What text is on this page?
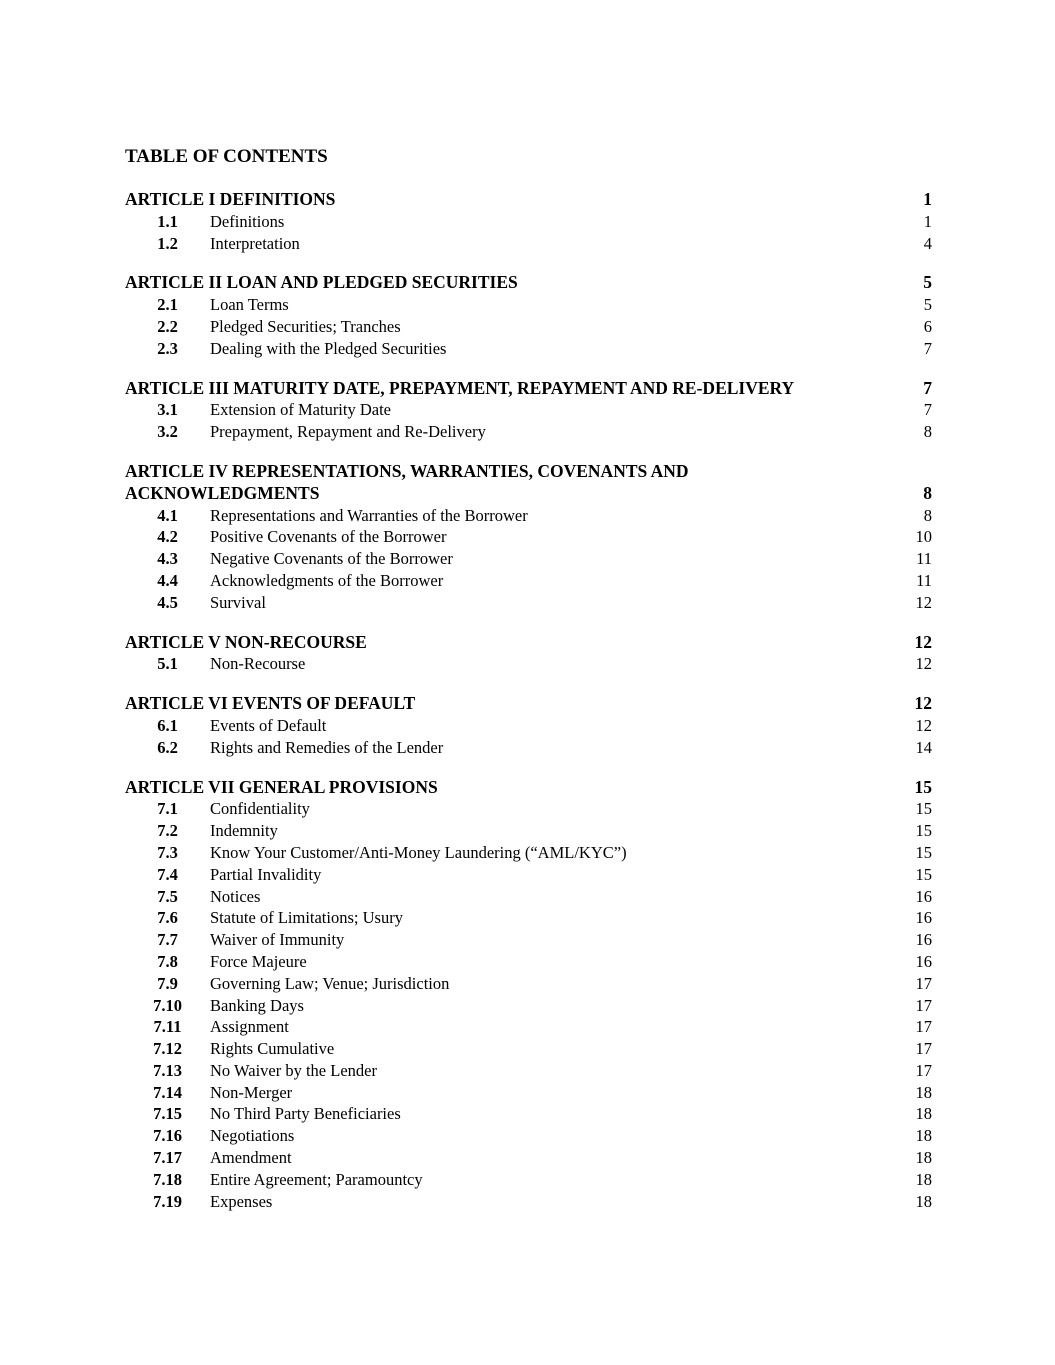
TABLE OF CONTENTS
ARTICLE I DEFINITIONS	1
1.1	Definitions	1
1.2	Interpretation	4
ARTICLE II LOAN AND PLEDGED SECURITIES	5
2.1	Loan Terms	5
2.2	Pledged Securities; Tranches	6
2.3	Dealing with the Pledged Securities	7
ARTICLE III MATURITY DATE, PREPAYMENT, REPAYMENT AND RE-DELIVERY	7
3.1	Extension of Maturity Date	7
3.2	Prepayment, Repayment and Re-Delivery	8
ARTICLE IV REPRESENTATIONS, WARRANTIES, COVENANTS AND
ACKNOWLEDGMENTS	8
4.1	Representations and Warranties of the Borrower	8
4.2	Positive Covenants of the Borrower	10
4.3	Negative Covenants of the Borrower	11
4.4	Acknowledgments of the Borrower	11
4.5	Survival	12
ARTICLE V NON-RECOURSE	12
5.1	Non-Recourse	12
ARTICLE VI EVENTS OF DEFAULT	12
6.1	Events of Default	12
6.2	Rights and Remedies of the Lender	14
ARTICLE VII GENERAL PROVISIONS	15
7.1	Confidentiality	15
7.2	Indemnity	15
7.3	Know Your Customer/Anti-Money Laundering (“AML/KYC”)	15
7.4	Partial Invalidity	15
7.5	Notices	16
7.6	Statute of Limitations; Usury	16
7.7	Waiver of Immunity	16
7.8	Force Majeure	16
7.9	Governing Law; Venue; Jurisdiction	17
7.10	Banking Days	17
7.11	Assignment	17
7.12	Rights Cumulative	17
7.13	No Waiver by the Lender	17
7.14	Non-Merger	18
7.15	No Third Party Beneficiaries	18
7.16	Negotiations	18
7.17	Amendment	18
7.18	Entire Agreement; Paramountcy	18
7.19	Expenses	18
